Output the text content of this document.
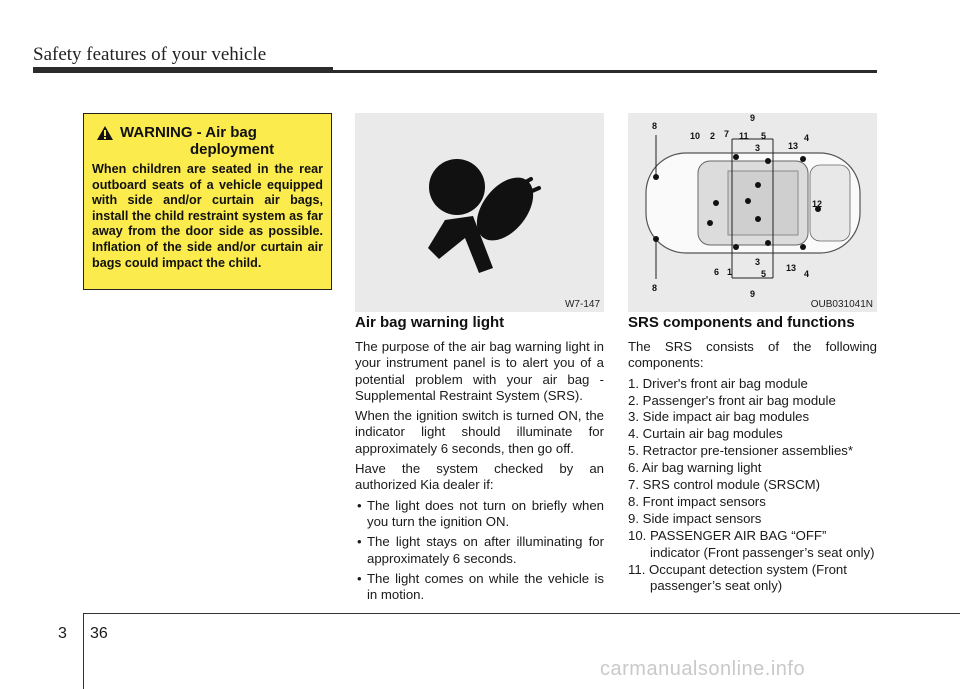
Safety features of your vehicle
WARNING - Air bag
deployment
When children are seated in the rear outboard seats of a vehicle equipped with side and/or curtain air bags, install the child restraint system as far away from the door side as possible. Inflation of the side and/or curtain air bags could impact the child.
W7-147
8
8
9
9
10 2 7 11 5
3	13
4
12
6 1
3
5
13
4
OUB031041N
Air bag warning light

The purpose of the air bag warning light in your instrument panel is to alert you of a potential problem with your air bag - Supplemental Restraint System (SRS).

When the ignition switch is turned ON, the indicator light should illuminate for approximately 6 seconds, then go off.

Have the system checked by an authorized Kia dealer if:

• The light does not turn on briefly when you turn the ignition ON.
• The light stays on after illuminating for approximately 6 seconds.
• The light comes on while the vehicle is in motion.
SRS components and functions

The SRS consists of the following components:

1. Driver's front air bag module
2. Passenger's front air bag module
3. Side impact air bag modules
4. Curtain air bag modules
5. Retractor pre-tensioner assemblies*
6. Air bag warning light
7. SRS control module (SRSCM)
8. Front impact sensors
9. Side impact sensors
10. PASSENGER AIR BAG “OFF” indicator (Front passenger’s seat only)
11. Occupant detection system (Front passenger’s seat only)
3 36
carmanualsonline.info
